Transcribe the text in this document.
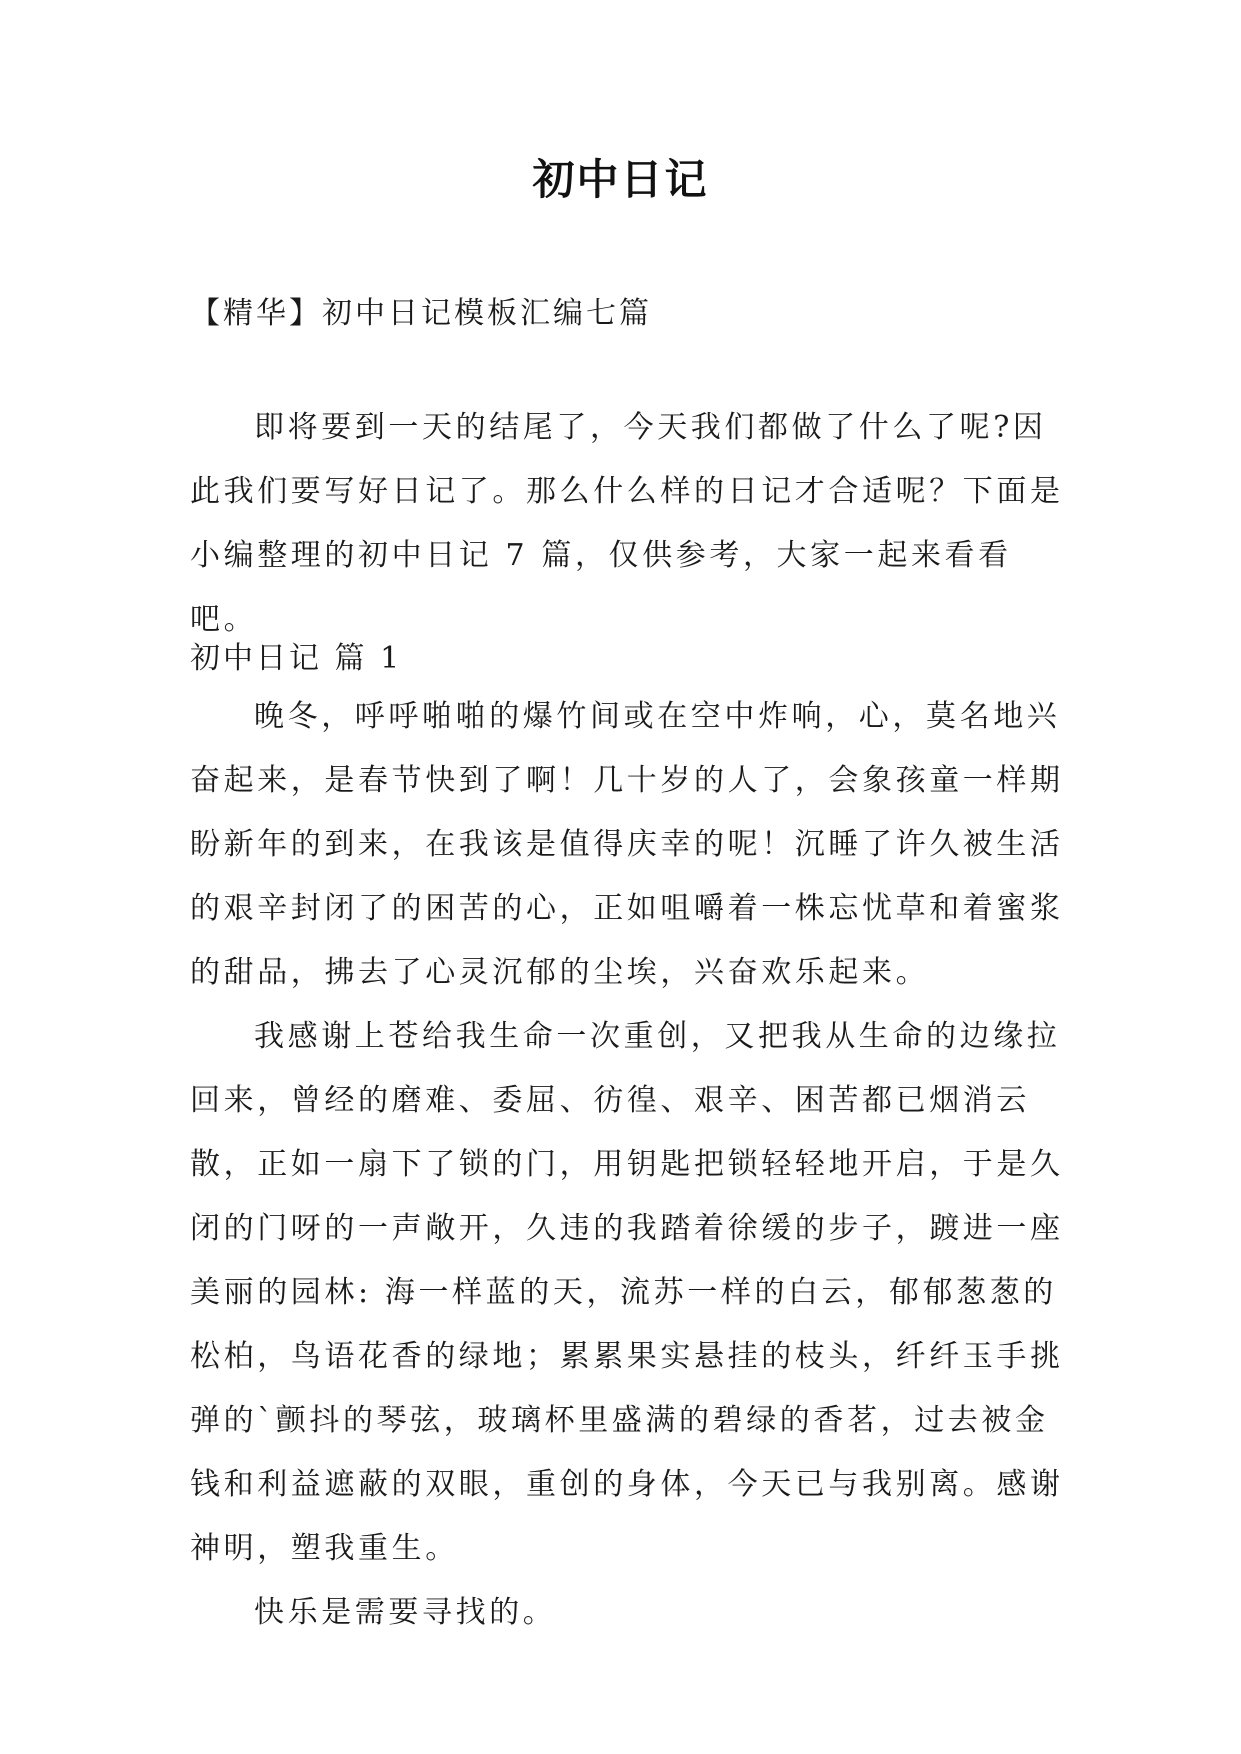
初中日记
【精华】初中日记模板汇编七篇

即将要到一天的结尾了，今天我们都做了什么了呢?因此我们要写好日记了。那么什么样的日记才合适呢？下面是小编整理的初中日记 7 篇，仅供参考，大家一起来看看吧。

初中日记 篇 1

晚冬，呼呼啪啪的爆竹间或在空中炸响，心，莫名地兴奋起来，是春节快到了啊！几十岁的人了，会象孩童一样期盼新年的到来，在我该是值得庆幸的呢！沉睡了许久被生活的艰辛封闭了的困苦的心，正如咀嚼着一株忘忧草和着蜜浆的甜品，拂去了心灵沉郁的尘埃，兴奋欢乐起来。

我感谢上苍给我生命一次重创，又把我从生命的边缘拉回来，曾经的磨难、委屈、彷徨、艰辛、困苦都已烟消云散，正如一扇下了锁的门，用钥匙把锁轻轻地开启，于是久闭的门呀的一声敞开，久违的我踏着徐缓的步子，踱进一座美丽的园林: 海一样蓝的天，流苏一样的白云，郁郁葱葱的松柏，鸟语花香的绿地；累累果实悬挂的枝头，纤纤玉手挑弹的`颤抖的琴弦，玻璃杯里盛满的碧绿的香茗，过去被金钱和利益遮蔽的双眼，重创的身体，今天已与我别离。感谢神明，塑我重生。

快乐是需要寻找的。
